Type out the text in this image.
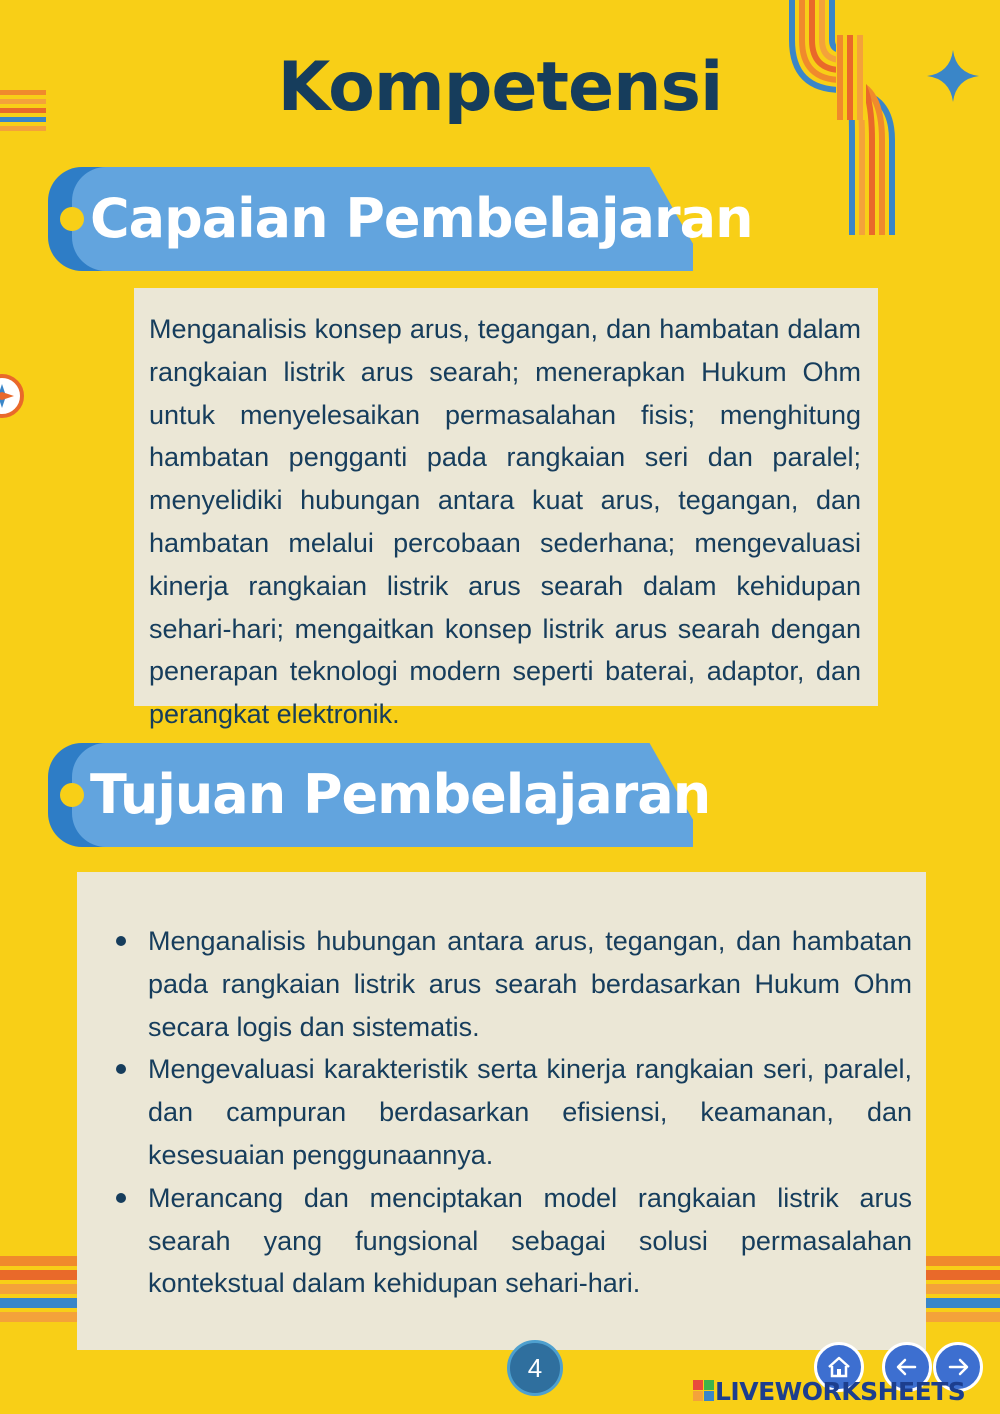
Kompetensi
Capaian Pembelajaran
Menganalisis konsep arus, tegangan, dan hambatan dalam rangkaian listrik arus searah; menerapkan Hukum Ohm untuk menyelesaikan permasalahan fisis; menghitung hambatan pengganti pada rangkaian seri dan paralel; menyelidiki hubungan antara kuat arus, tegangan, dan hambatan melalui percobaan sederhana; mengevaluasi kinerja rangkaian listrik arus searah dalam kehidupan sehari-hari; mengaitkan konsep listrik arus searah dengan penerapan teknologi modern seperti baterai, adaptor, dan perangkat elektronik.
Tujuan Pembelajaran
Menganalisis hubungan antara arus, tegangan, dan hambatan pada rangkaian listrik arus searah berdasarkan Hukum Ohm secara logis dan sistematis.
Mengevaluasi karakteristik serta kinerja rangkaian seri, paralel, dan campuran berdasarkan efisiensi, keamanan, dan kesesuaian penggunaannya.
Merancang dan menciptakan model rangkaian listrik arus searah yang fungsional sebagai solusi permasalahan kontekstual dalam kehidupan sehari-hari.
4
LIVEWORKSHEETS
